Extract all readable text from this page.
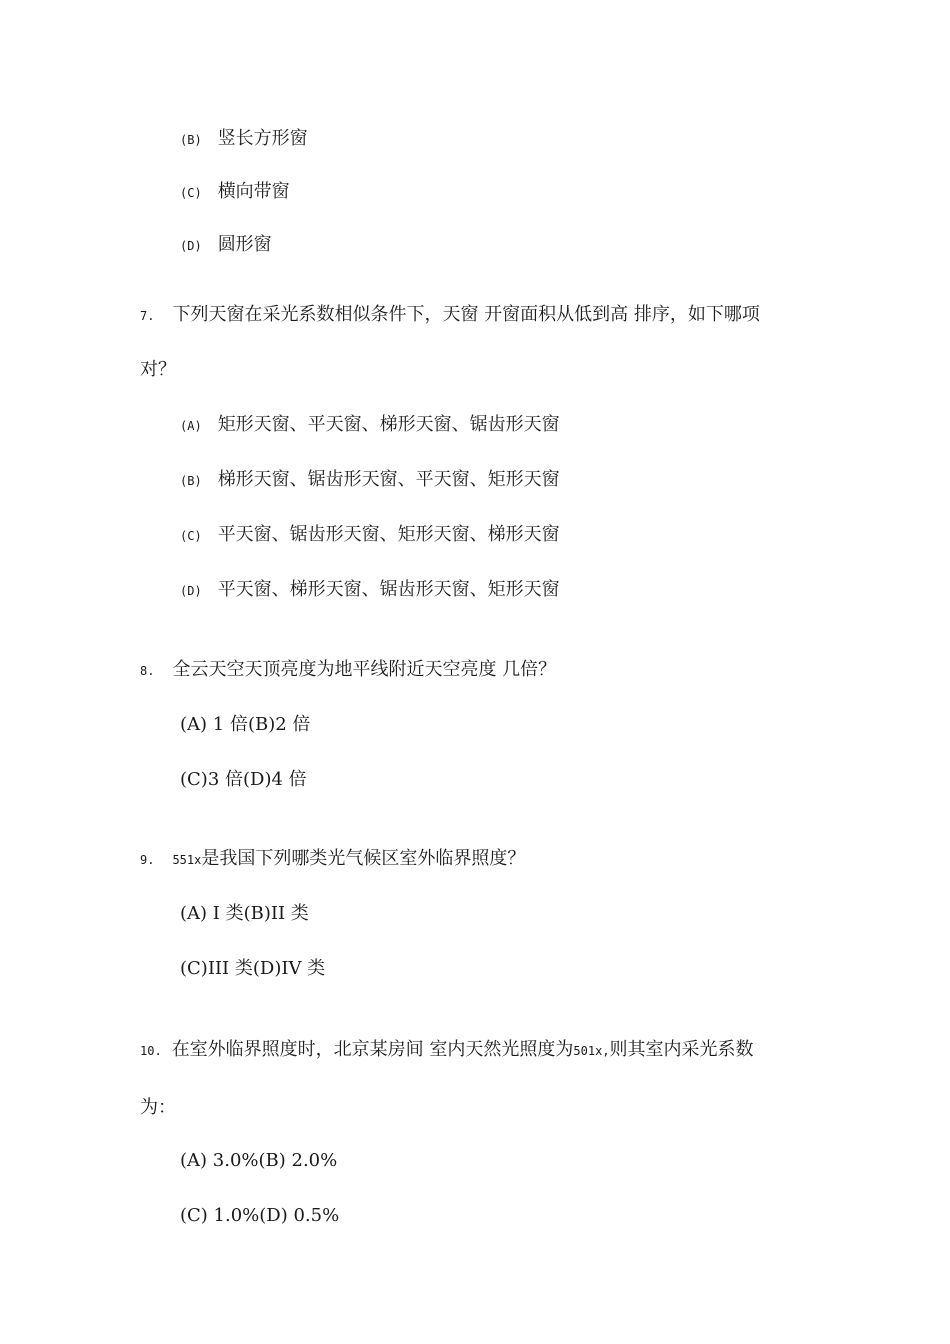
(B) 竖长方形窗
(C) 横向带窗
(D) 圆形窗
7. 下列天窗在采光系数相似条件下，天窗 开窗面积从低到高 排序，如下哪项
对？
(A) 矩形天窗、平天窗、梯形天窗、锯齿形天窗
(B) 梯形天窗、锯齿形天窗、平天窗、矩形天窗
(C) 平天窗、锯齿形天窗、矩形天窗、梯形天窗
(D) 平天窗、梯形天窗、锯齿形天窗、矩形天窗
8. 全云天空天顶亮度为地平线附近天空亮度 几倍？
(A) 1 倍(B)2 倍
(C)3 倍(D)4 倍
9. 551x是我国下列哪类光气候区室外临界照度？
(A) I 类(B)II 类
(C)III 类(D)IV 类
10. 在室外临界照度时，北京某房间 室内天然光照度为501x,则其室内采光系数
为：
(A) 3.0%(B) 2.0%
(C) 1.0%(D) 0.5%
